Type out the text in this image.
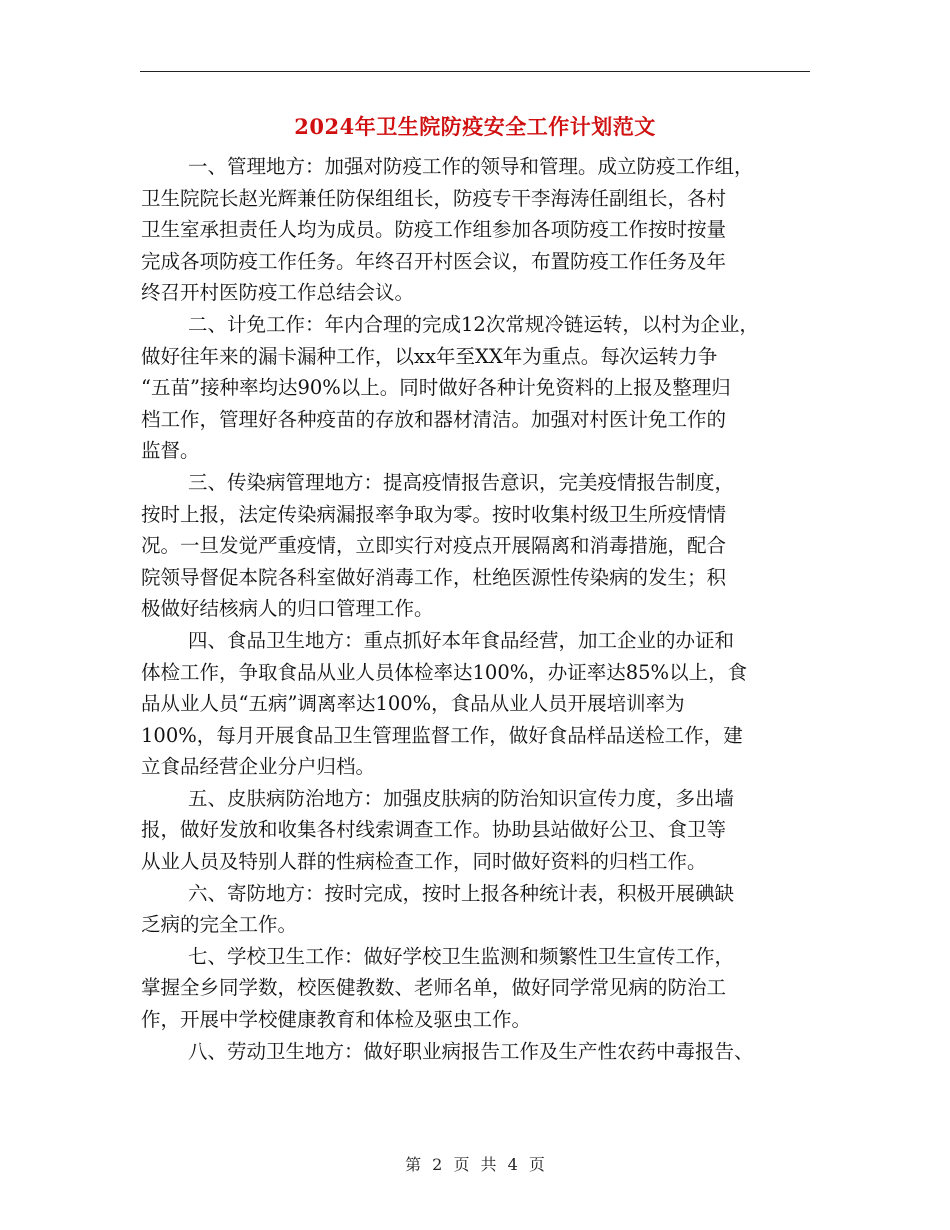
2024年卫生院防疫安全工作计划范文

一、管理地方：加强对防疫工作的领导和管理。成立防疫工作组，
卫生院院长赵光辉兼任防保组组长，防疫专干李海涛任副组长，各村
卫生室承担责任人均为成员。防疫工作组参加各项防疫工作按时按量
完成各项防疫工作任务。年终召开村医会议，布置防疫工作任务及年
终召开村医防疫工作总结会议。

二、计免工作：年内合理的完成12次常规冷链运转，以村为企业，
做好往年来的漏卡漏种工作，以xx年至XX年为重点。每次运转力争
“五苗”接种率均达90%以上。同时做好各种计免资料的上报及整理归
档工作，管理好各种疫苗的存放和器材清洁。加强对村医计免工作的
监督。

三、传染病管理地方：提高疫情报告意识，完美疫情报告制度，
按时上报，法定传染病漏报率争取为零。按时收集村级卫生所疫情情
况。一旦发觉严重疫情，立即实行对疫点开展隔离和消毒措施，配合
院领导督促本院各科室做好消毒工作，杜绝医源性传染病的发生；积
极做好结核病人的归口管理工作。

四、食品卫生地方：重点抓好本年食品经营，加工企业的办证和
体检工作，争取食品从业人员体检率达100%，办证率达85%以上，食
品从业人员“五病”调离率达100%，食品从业人员开展培训率为
100%，每月开展食品卫生管理监督工作，做好食品样品送检工作，建
立食品经营企业分户归档。

五、皮肤病防治地方：加强皮肤病的防治知识宣传力度，多出墙
报，做好发放和收集各村线索调查工作。协助县站做好公卫、食卫等
从业人员及特别人群的性病检查工作，同时做好资料的归档工作。

六、寄防地方：按时完成，按时上报各种统计表，积极开展碘缺
乏病的完全工作。

七、学校卫生工作：做好学校卫生监测和频繁性卫生宣传工作，
掌握全乡同学数，校医健教数、老师名单，做好同学常见病的防治工
作，开展中学校健康教育和体检及驱虫工作。

八、劳动卫生地方：做好职业病报告工作及生产性农药中毒报告、

第 2 页 共 4 页
